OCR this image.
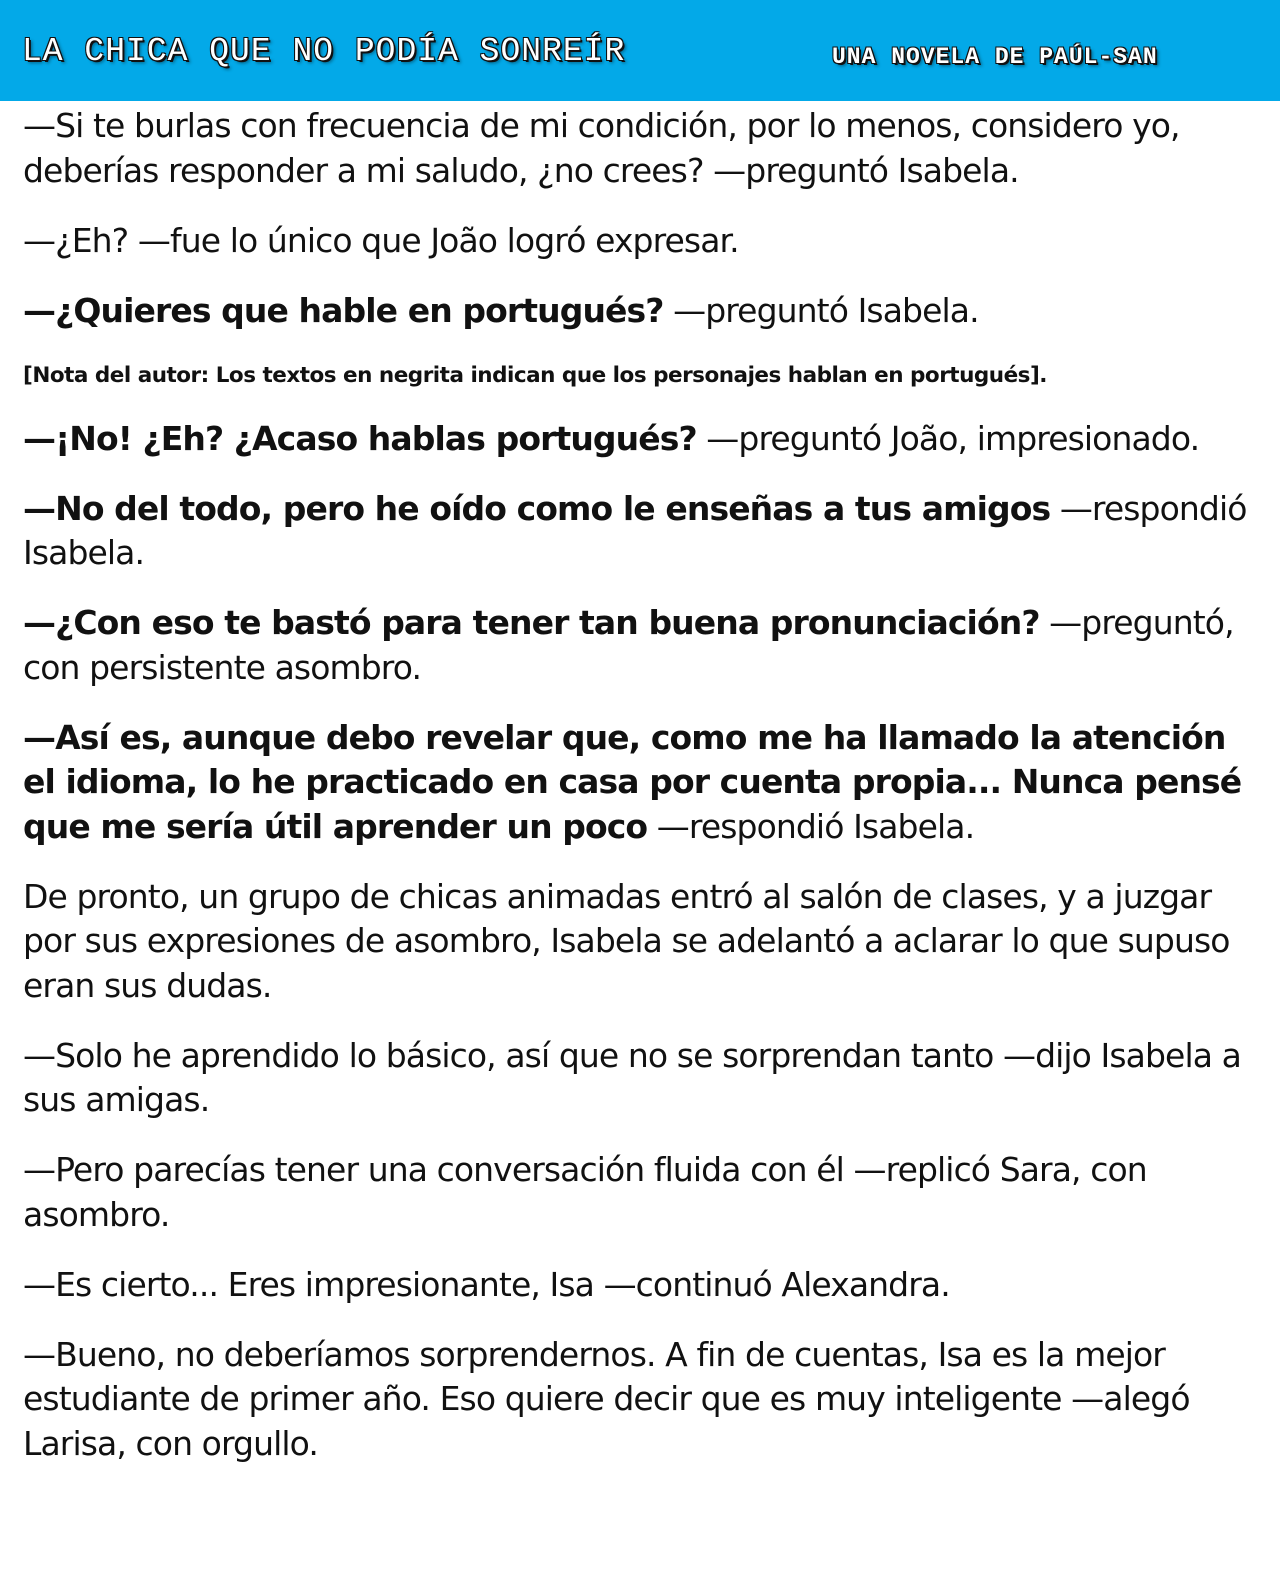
LA CHICA QUE NO PODÍA SONREÍR	UNA NOVELA DE PAÚL-SAN

—Si te burlas con frecuencia de mi condición, por lo menos, considero yo, deberías responder a mi saludo, ¿no crees? —preguntó Isabela.

—¿Eh? —fue lo único que João logró expresar.

—¿Quieres que hable en portugués? —preguntó Isabela.

[Nota del autor: Los textos en negrita indican que los personajes hablan en portugués].

—¡No! ¿Eh? ¿Acaso hablas portugués? —preguntó João, impresionado.

—No del todo, pero he oído como le enseñas a tus amigos —respondió Isabela.

—¿Con eso te bastó para tener tan buena pronunciación? —preguntó, con persistente asombro.

—Así es, aunque debo revelar que, como me ha llamado la atención el idioma, lo he practicado en casa por cuenta propia... Nunca pensé que me sería útil aprender un poco —respondió Isabela.

De pronto, un grupo de chicas animadas entró al salón de clases, y a juzgar por sus expresiones de asombro, Isabela se adelantó a aclarar lo que supuso eran sus dudas.

—Solo he aprendido lo básico, así que no se sorprendan tanto —dijo Isabela a sus amigas.

—Pero parecías tener una conversación fluida con él —replicó Sara, con asombro.

—Es cierto... Eres impresionante, Isa —continuó Alexandra.

—Bueno, no deberíamos sorprendernos. A fin de cuentas, Isa es la mejor estudiante de primer año. Eso quiere decir que es muy inteligente —alegó Larisa, con orgullo.
